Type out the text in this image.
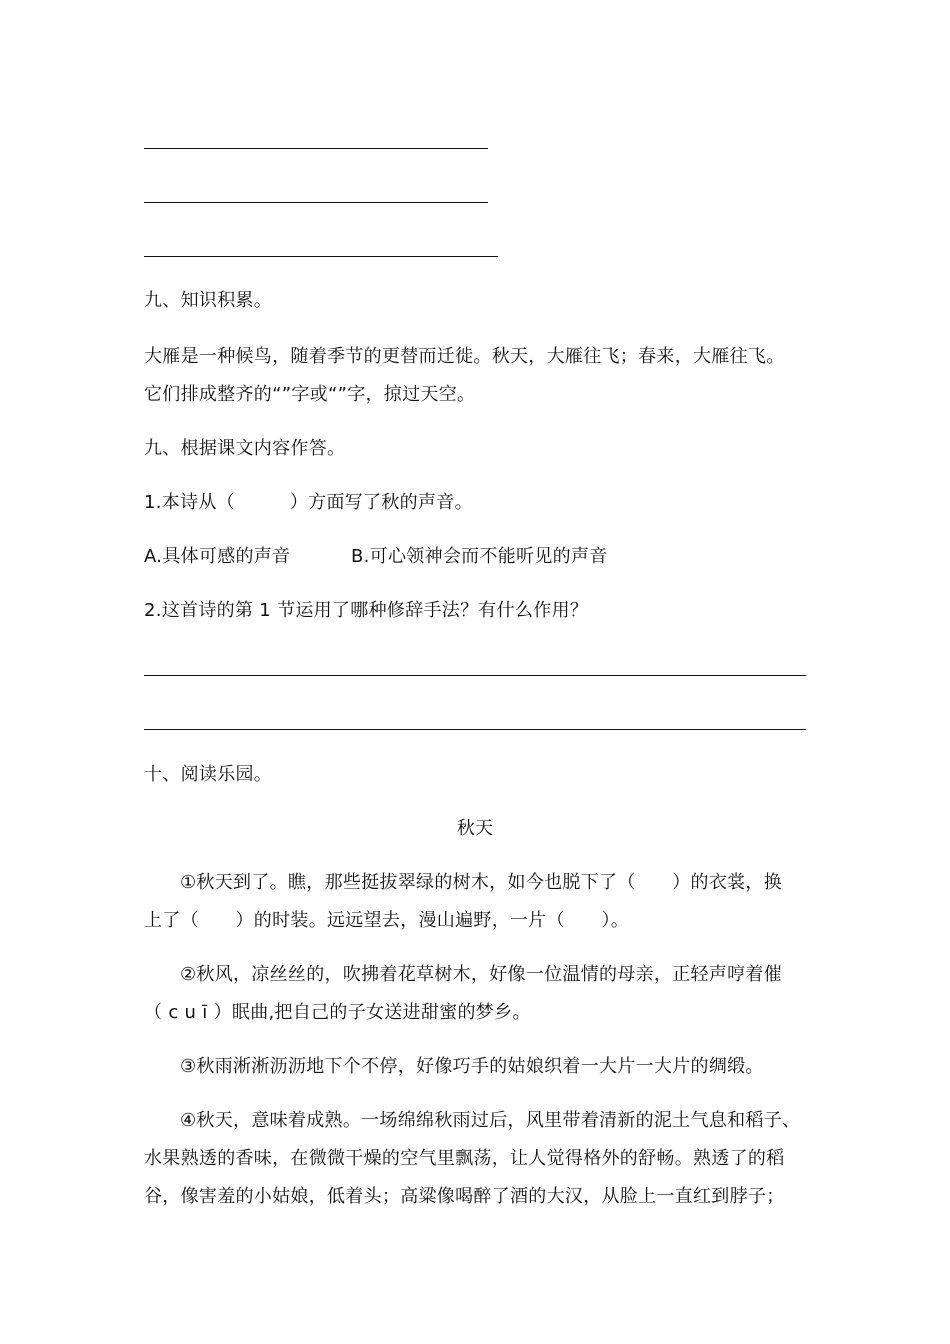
九、知识积累。
大雁是一种候鸟，随着季节的更替而迁徙。秋天，大雁往飞；春来，大雁往飞。
它们排成整齐的“”字或“”字，掠过天空。
九、根据课文内容作答。
1.本诗从（　　　）方面写了秋的声音。
A.具体可感的声音	B.可心领神会而不能听见的声音
2.这首诗的第 1 节运用了哪种修辞手法？有什么作用？
十、阅读乐园。
秋天
①秋天到了。瞧，那些挺拔翠绿的树木，如今也脱下了（　　）的衣裳，换
上了（　　）的时装。远远望去，漫山遍野，一片（　　）。
②秋风，凉丝丝的，吹拂着花草树木，好像一位温情的母亲，正轻声哼着催
（ c u ī ）眠曲,把自己的子女送进甜蜜的梦乡。
③秋雨淅淅沥沥地下个不停，好像巧手的姑娘织着一大片一大片的绸缎。
④秋天，意味着成熟。一场绵绵秋雨过后，风里带着清新的泥土气息和稻子、
水果熟透的香味，在微微干燥的空气里飘荡，让人觉得格外的舒畅。熟透了的稻
谷，像害羞的小姑娘，低着头；高粱像喝醉了酒的大汉，从脸上一直红到脖子；
